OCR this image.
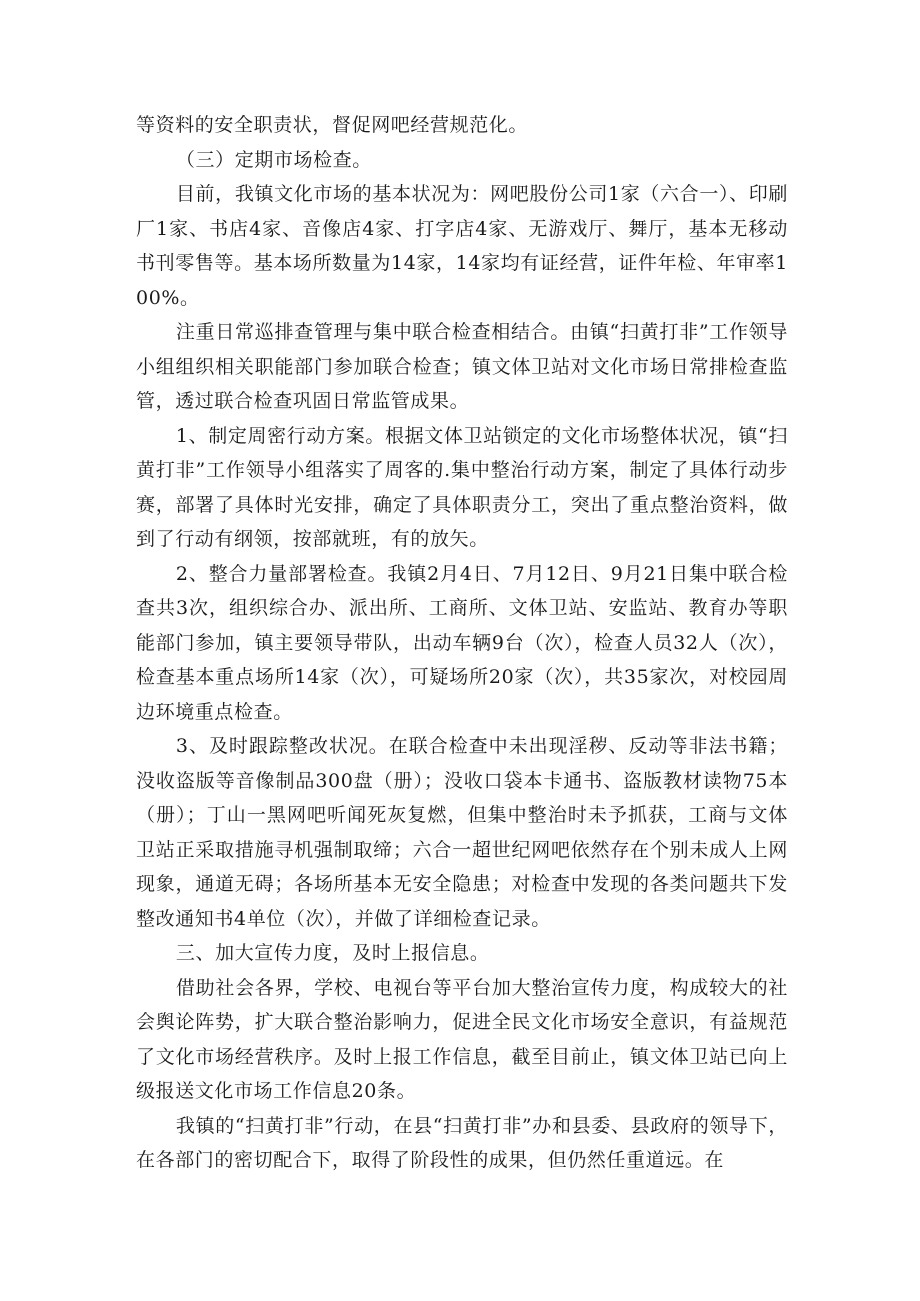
等资料的安全职责状，督促网吧经营规范化。

（三）定期市场检查。

目前，我镇文化市场的基本状况为：网吧股份公司1家（六合一）、印刷厂1家、书店4家、音像店4家、打字店4家、无游戏厅、舞厅，基本无移动书刊零售等。基本场所数量为14家，14家均有证经营，证件年检、年审率100%。

注重日常巡排查管理与集中联合检查相结合。由镇“扫黄打非”工作领导小组组织相关职能部门参加联合检查；镇文体卫站对文化市场日常排检查监管，透过联合检查巩固日常监管成果。

1、制定周密行动方案。根据文体卫站锁定的文化市场整体状况，镇“扫黄打非”工作领导小组落实了周客的.集中整治行动方案，制定了具体行动步赛，部署了具体时光安排，确定了具体职责分工，突出了重点整治资料，做到了行动有纲领，按部就班，有的放矢。

2、整合力量部署检查。我镇2月4日、7月12日、9月21日集中联合检查共3次，组织综合办、派出所、工商所、文体卫站、安监站、教育办等职能部门参加，镇主要领导带队，出动车辆9台（次），检查人员32人（次），检查基本重点场所14家（次），可疑场所20家（次），共35家次，对校园周边环境重点检查。

3、及时跟踪整改状况。在联合检查中未出现淫秽、反动等非法书籍；没收盗版等音像制品300盘（册）；没收口袋本卡通书、盗版教材读物75本（册）；丁山一黑网吧听闻死灰复燃，但集中整治时未予抓获，工商与文体卫站正采取措施寻机强制取缔；六合一超世纪网吧依然存在个别未成人上网现象，通道无碍；各场所基本无安全隐患；对检查中发现的各类问题共下发整改通知书4单位（次），并做了详细检查记录。

三、加大宣传力度，及时上报信息。

借助社会各界，学校、电视台等平台加大整治宣传力度，构成较大的社会舆论阵势，扩大联合整治影响力，促进全民文化市场安全意识，有益规范了文化市场经营秩序。及时上报工作信息，截至目前止，镇文体卫站已向上级报送文化市场工作信息20条。

我镇的“扫黄打非”行动，在县“扫黄打非”办和县委、县政府的领导下，在各部门的密切配合下，取得了阶段性的成果，但仍然任重道远。在
